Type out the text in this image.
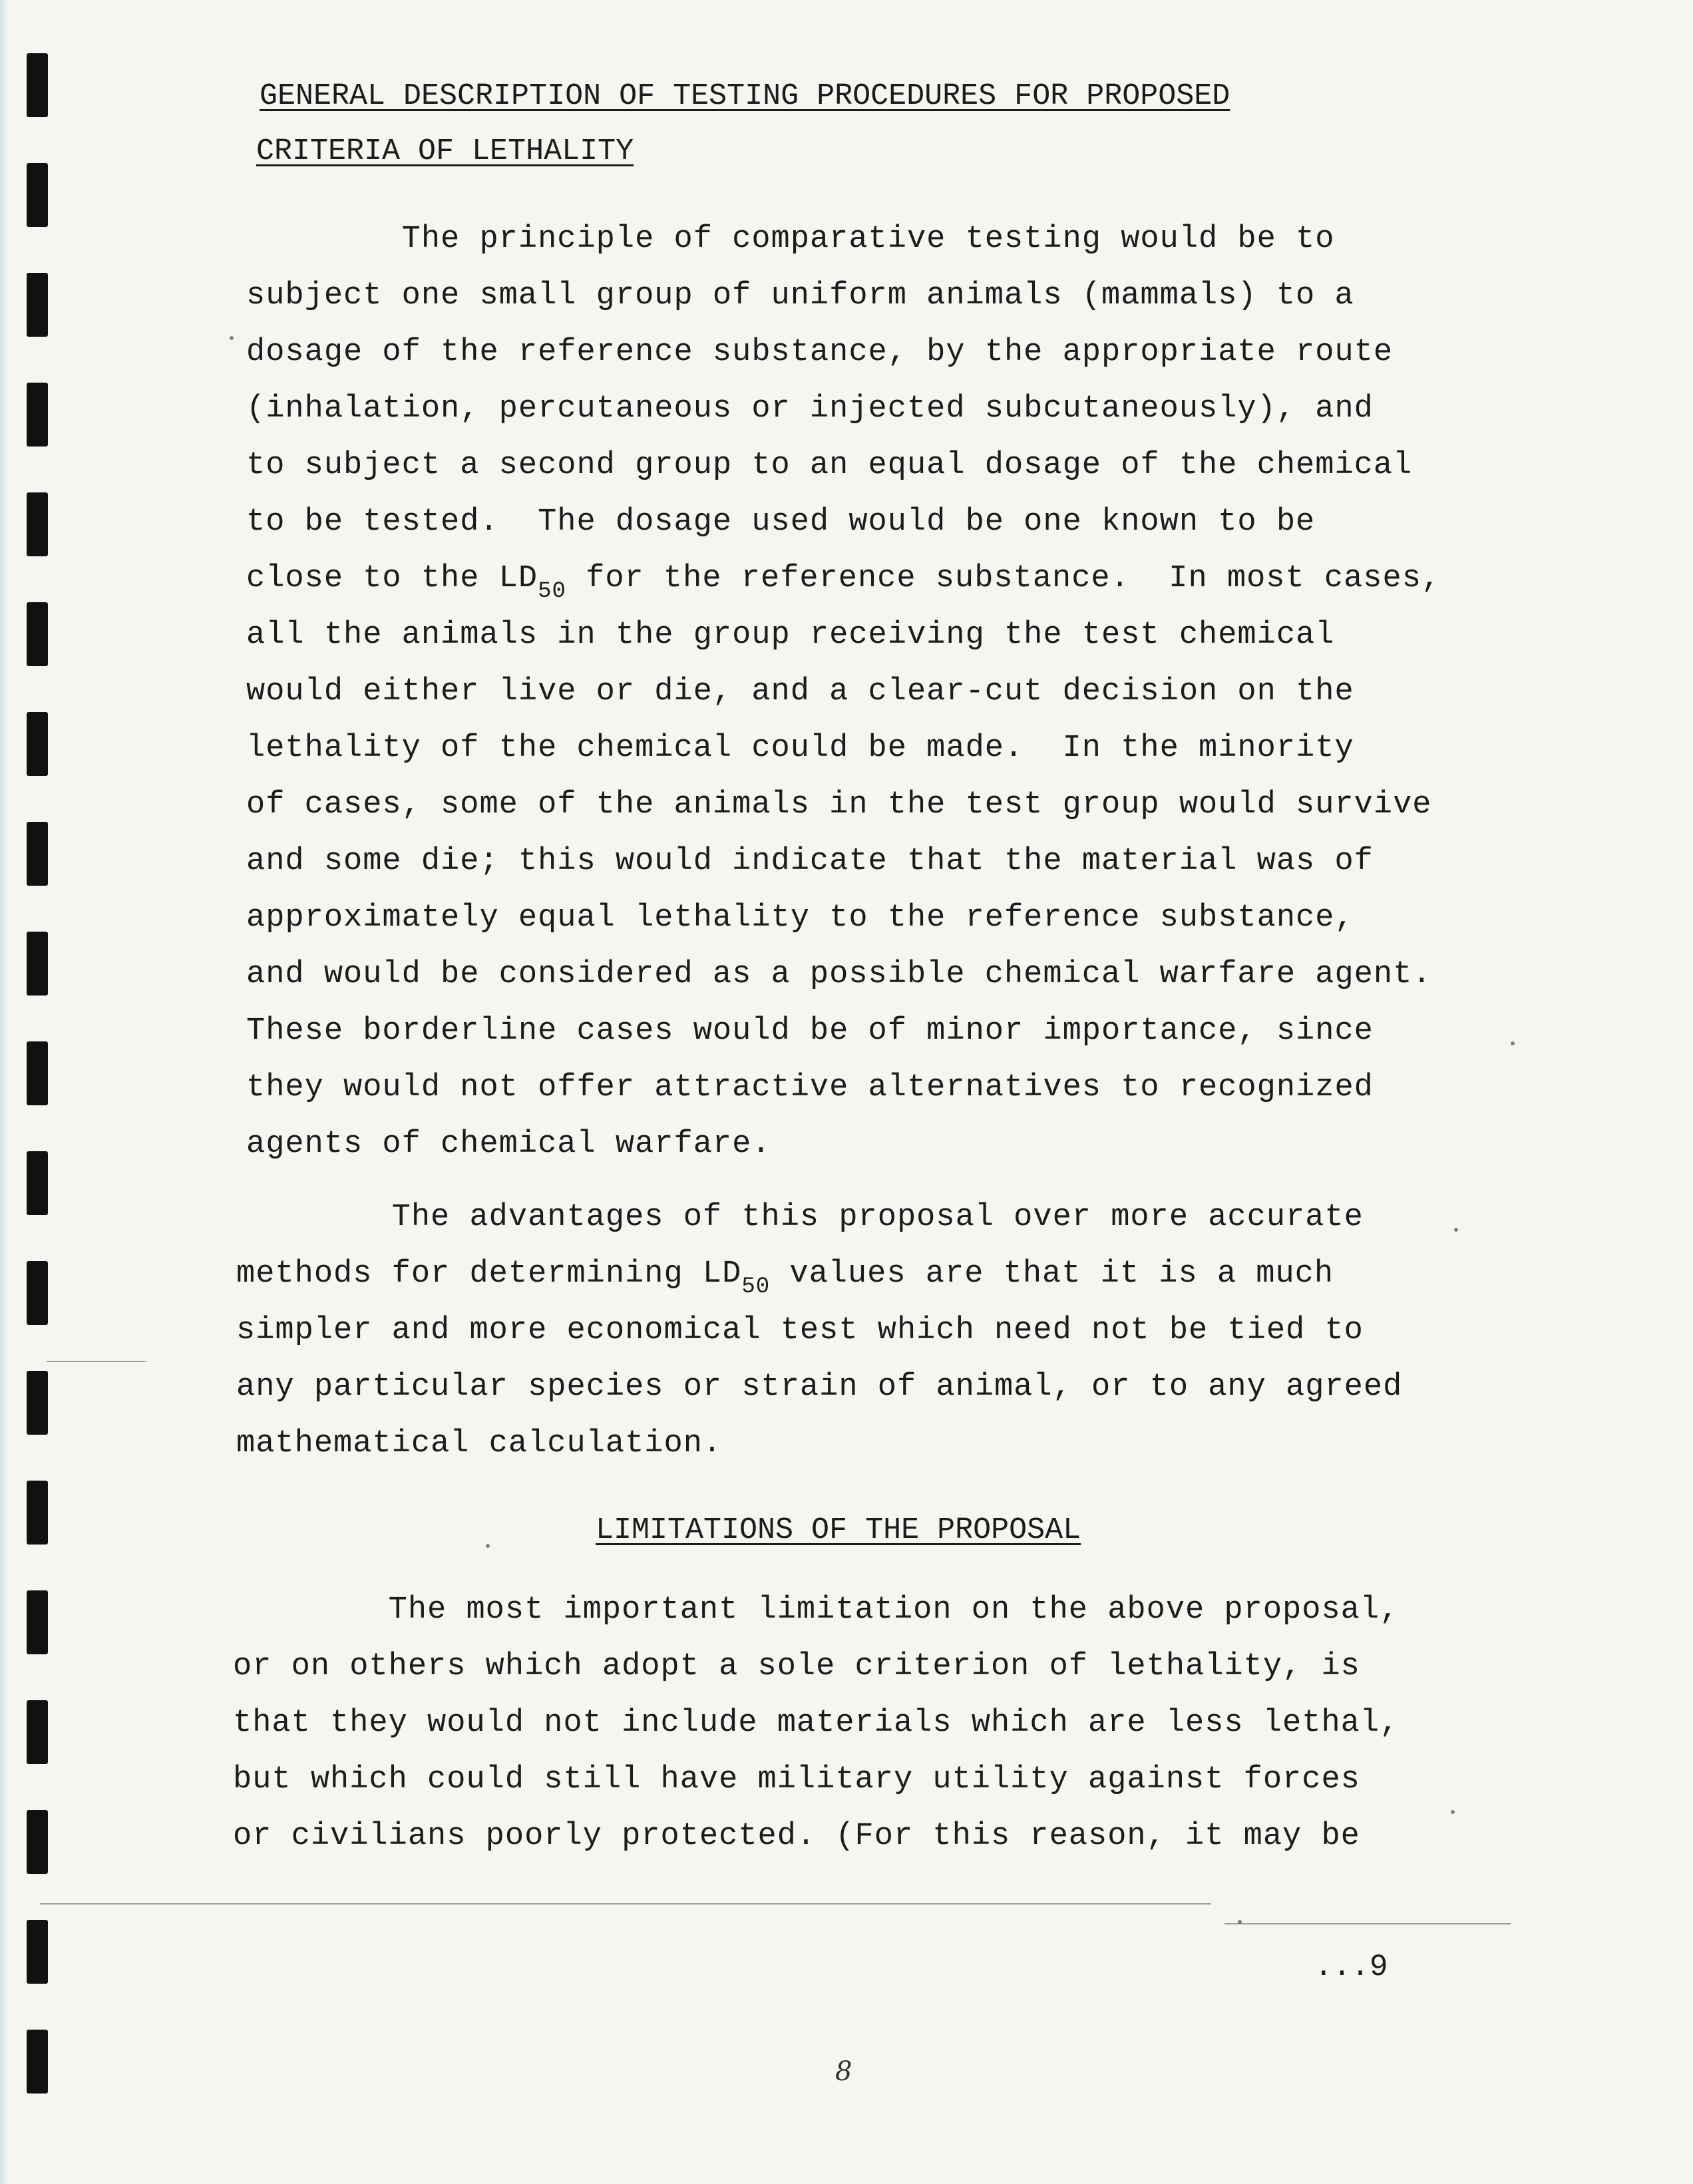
GENERAL DESCRIPTION OF TESTING PROCEDURES FOR PROPOSED
CRITERIA OF LETHALITY
The principle of comparative testing would be to
subject one small group of uniform animals (mammals) to a
dosage of the reference substance, by the appropriate route
(inhalation, percutaneous or injected subcutaneously), and
to subject a second group to an equal dosage of the chemical
to be tested.  The dosage used would be one known to be
close to the $LD_{50}$ for the reference substance.  In most cases,
all the animals in the group receiving the test chemical
would either live or die, and a clear-cut decision on the
lethality of the chemical could be made.  In the minority
of cases, some of the animals in the test group would survive
and some die; this would indicate that the material was of
approximately equal lethality to the reference substance,
and would be considered as a possible chemical warfare agent.
These borderline cases would be of minor importance, since
they would not offer attractive alternatives to recognized
agents of chemical warfare.
The advantages of this proposal over more accurate
methods for determining $LD_{50}$ values are that it is a much
simpler and more economical test which need not be tied to
any particular species or strain of animal, or to any agreed
mathematical calculation.
LIMITATIONS OF THE PROPOSAL
The most important limitation on the above proposal,
or on others which adopt a sole criterion of lethality, is
that they would not include materials which are less lethal,
but which could still have military utility against forces
or civilians poorly protected. (For this reason, it may be
...9
8
